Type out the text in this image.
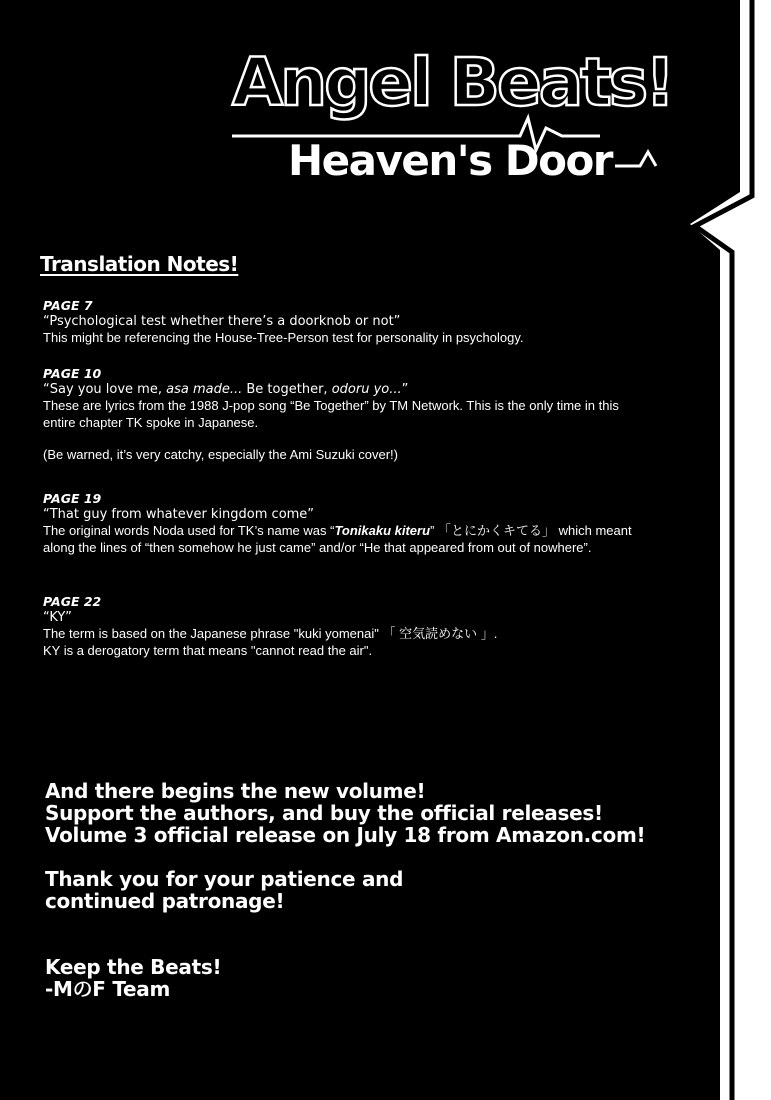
Angel Beats!
Heaven's Door
Translation Notes!
PAGE 7
“Psychological test whether there’s a doorknob or not”
This might be referencing the House-Tree-Person test for personality in psychology.
PAGE 10
“Say you love me, asa made... Be together, odoru yo...”
These are lyrics from the 1988 J-pop song “Be Together” by TM Network. This is the only time in this entire chapter TK spoke in Japanese.
(Be warned, it’s very catchy, especially the Ami Suzuki cover!)
PAGE 19
“That guy from whatever kingdom come”
The original words Noda used for TK’s name was “Tonikaku kiteru” 「とにかくキてる」 which meant along the lines of “then somehow he just came” and/or “He that appeared from out of nowhere”.
PAGE 22
“KY”
The term is based on the Japanese phrase "kuki yomenai" 「 空気読めない 」.
KY is a derogatory term that means "cannot read the air".
And there begins the new volume!
Support the authors, and buy the official releases!
Volume 3 official release on July 18 from Amazon.com!
Thank you for your patience and
continued patronage!
Keep the Beats!
-MのF Team
